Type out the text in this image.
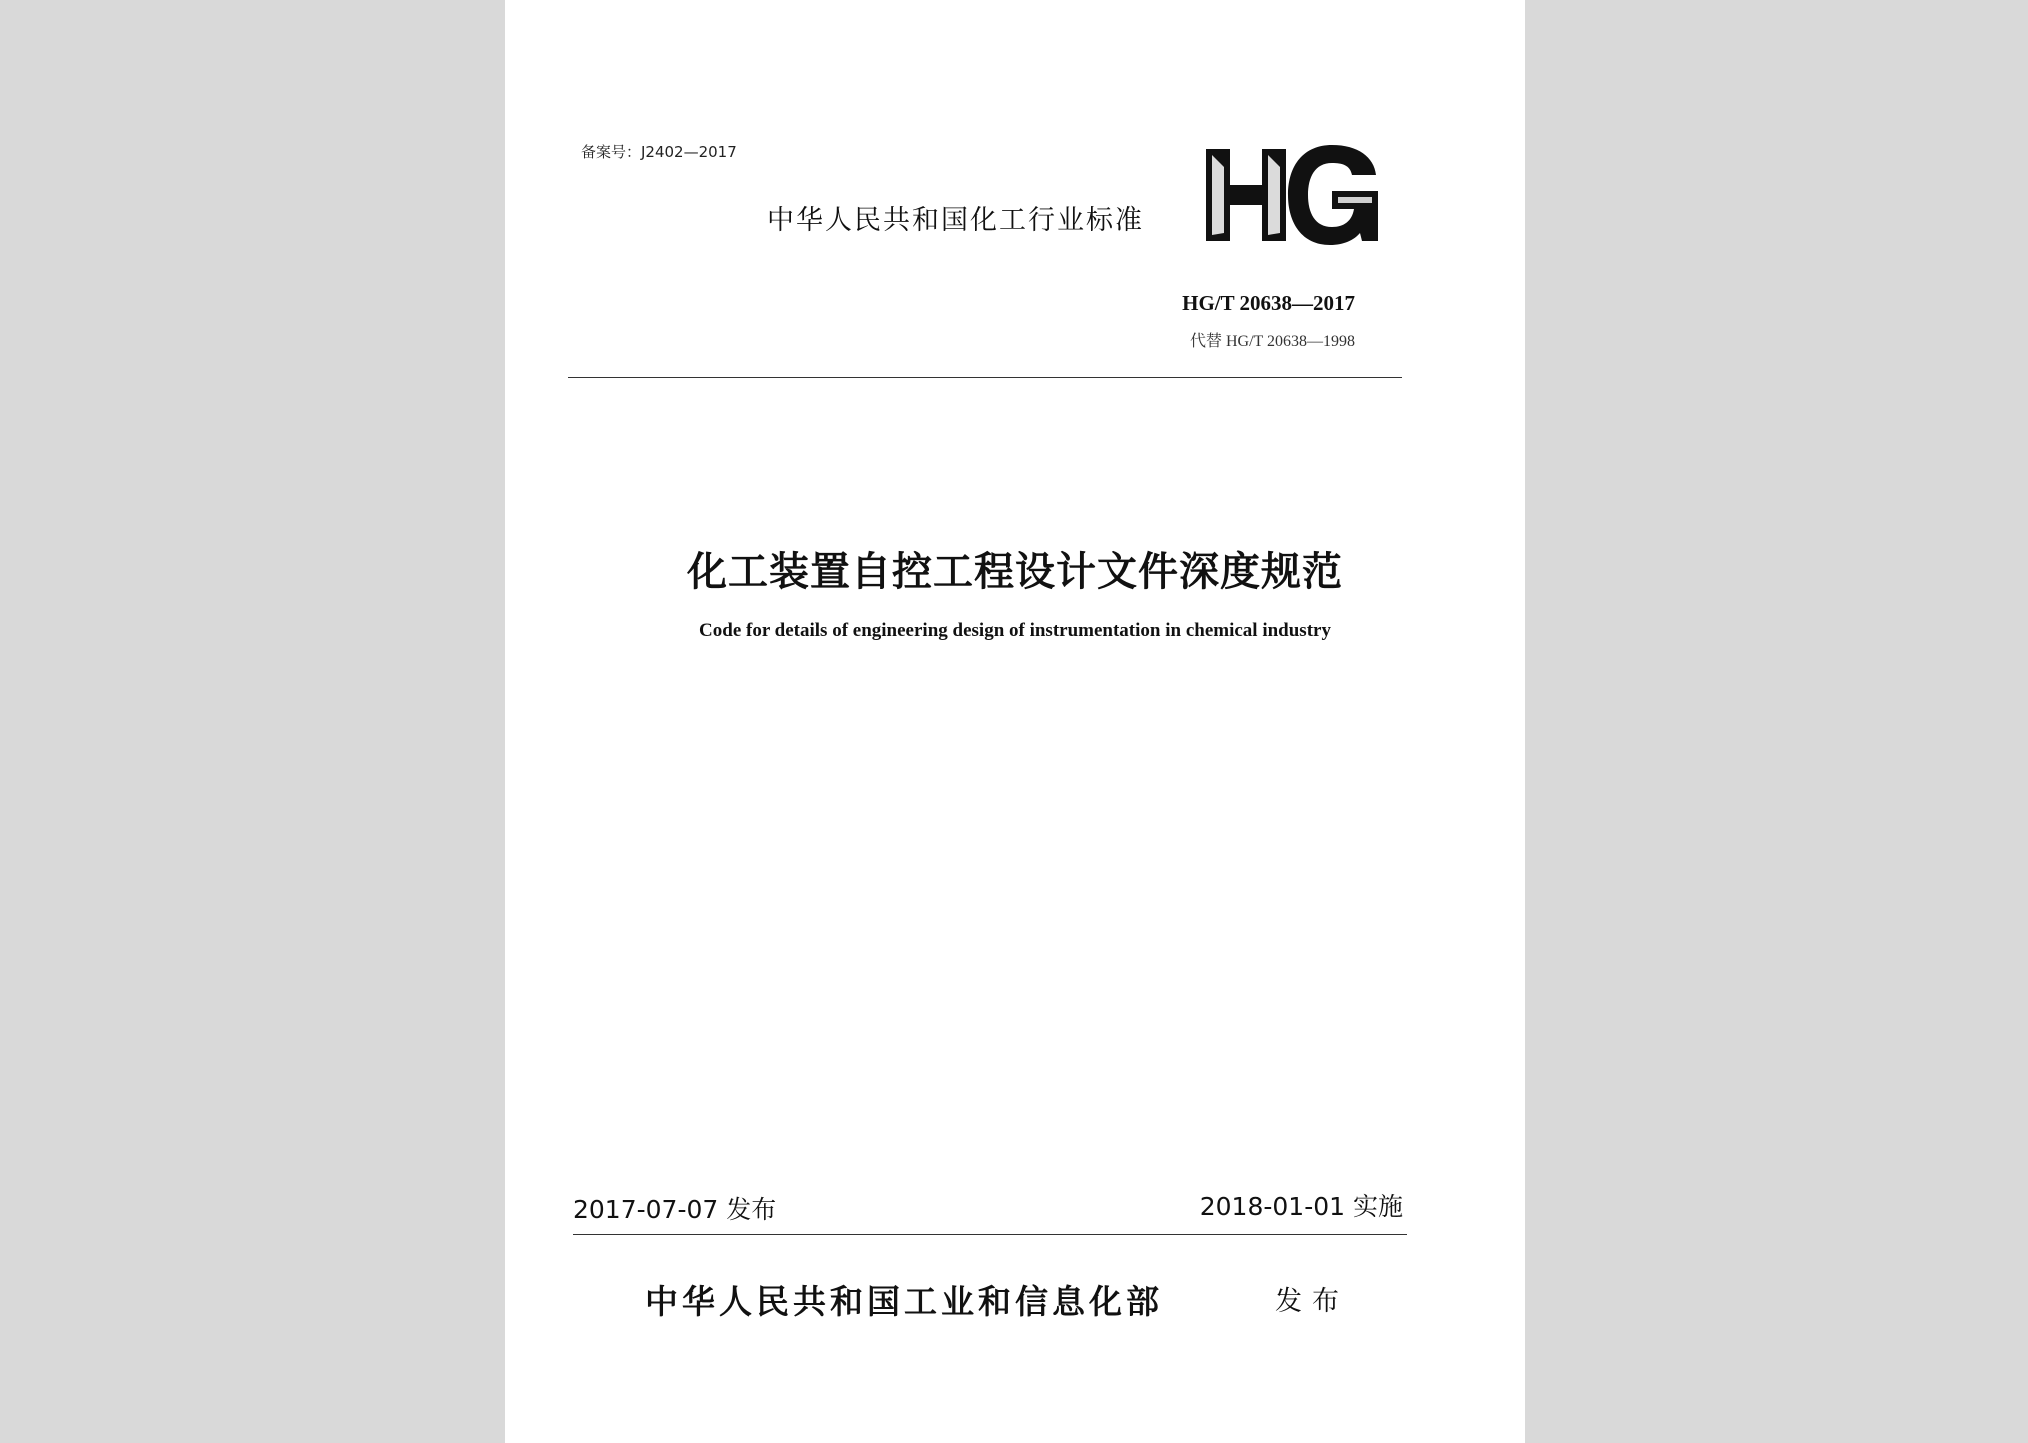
备案号：J2402—2017
中华人民共和国化工行业标准
HG/T 20638—2017
代替 HG/T 20638—1998
化工装置自控工程设计文件深度规范
Code for details of engineering design of instrumentation in chemical industry
2017-07-07 发布	2018-01-01 实施
中华人民共和国工业和信息化部	发布
